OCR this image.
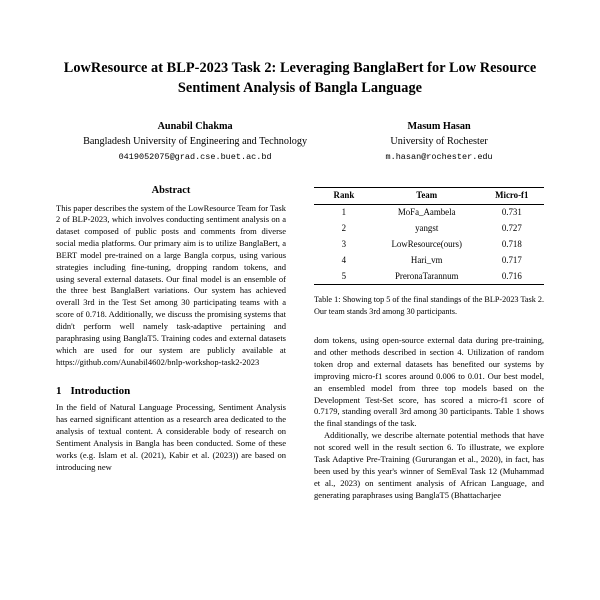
LowResource at BLP-2023 Task 2: Leveraging BanglaBert for Low Resource Sentiment Analysis of Bangla Language
Aunabil Chakma
Bangladesh University of Engineering and Technology
0419052075@grad.cse.buet.ac.bd
Masum Hasan
University of Rochester
m.hasan@rochester.edu
Abstract

This paper describes the system of the LowResource Team for Task 2 of BLP-2023, which involves conducting sentiment analysis on a dataset composed of public posts and comments from diverse social media platforms. Our primary aim is to utilize BanglaBert, a BERT model pre-trained on a large Bangla corpus, using various strategies including fine-tuning, dropping random tokens, and using several external datasets. Our final model is an ensemble of the three best BanglaBert variations. Our system has achieved overall 3rd in the Test Set among 30 participating teams with a score of 0.718. Additionally, we discuss the promising systems that didn't perform well namely task-adaptive pertaining and paraphrasing using BanglaT5. Training codes and external datasets which are used for our system are publicly available at https://github.com/Aunabil4602/bnlp-workshop-task2-2023

1 Introduction

In the field of Natural Language Processing, Sentiment Analysis has earned significant attention as a research area dedicated to the analysis of textual content. A considerable body of research on Sentiment Analysis in Bangla has been conducted. Some of these works (e.g. Islam et al. (2021), Kabir et al. (2023)) are based on introducing new

Rank	Team	Micro-f1
1	MoFa_Aambela	0.731
2	yangst	0.727
3	LowResource(ours)	0.718
4	Hari_vm	0.717
5	PreronaTarannum	0.716

Table 1: Showing top 5 of the final standings of the BLP-2023 Task 2. Our team stands 3rd among 30 participants.

dom tokens, using open-source external data during pre-training, and other methods described in section 4. Utilization of random token drop and external datasets has benefited our systems by improving micro-f1 scores around 0.006 to 0.01. Our best model, an ensembled model from three top models based on the Development Test-Set score, has scored a micro-f1 score of 0.7179, standing overall 3rd among 30 participants. Table 1 shows the final standings of the task.

Additionally, we describe alternate potential methods that have not scored well in the result section 6. To illustrate, we explore Task Adaptive Pre-Training (Gururangan et al., 2020), in fact, has been used by this year's winner of SemEval Task 12 (Muhammad et al., 2023) on sentiment analysis of African Language, and generating paraphrases using BanglaT5 (Bhattacharjee
